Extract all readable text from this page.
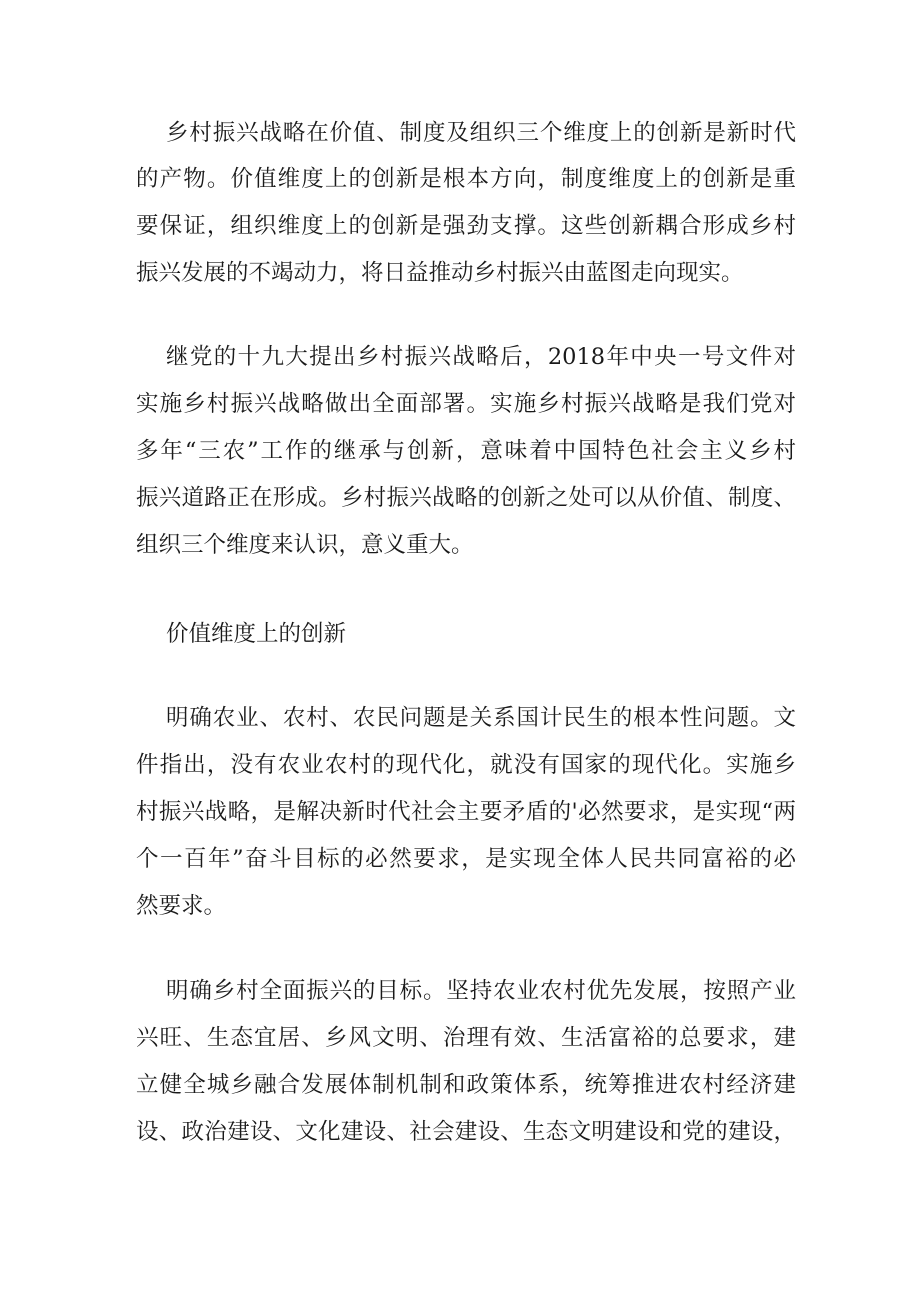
乡村振兴战略在价值、制度及组织三个维度上的创新是新时代
的产物。价值维度上的创新是根本方向，制度维度上的创新是重
要保证，组织维度上的创新是强劲支撑。这些创新耦合形成乡村
振兴发展的不竭动力，将日益推动乡村振兴由蓝图走向现实。
继党的十九大提出乡村振兴战略后，2018年中央一号文件对
实施乡村振兴战略做出全面部署。实施乡村振兴战略是我们党对
多年“三农”工作的继承与创新，意味着中国特色社会主义乡村
振兴道路正在形成。乡村振兴战略的创新之处可以从价值、制度、
组织三个维度来认识，意义重大。
价值维度上的创新
明确农业、农村、农民问题是关系国计民生的根本性问题。文
件指出，没有农业农村的现代化，就没有国家的现代化。实施乡
村振兴战略，是解决新时代社会主要矛盾的'必然要求，是实现“两
个一百年”奋斗目标的必然要求，是实现全体人民共同富裕的必
然要求。
明确乡村全面振兴的目标。坚持农业农村优先发展，按照产业
兴旺、生态宜居、乡风文明、治理有效、生活富裕的总要求，建
立健全城乡融合发展体制机制和政策体系，统筹推进农村经济建
设、政治建设、文化建设、社会建设、生态文明建设和党的建设，
